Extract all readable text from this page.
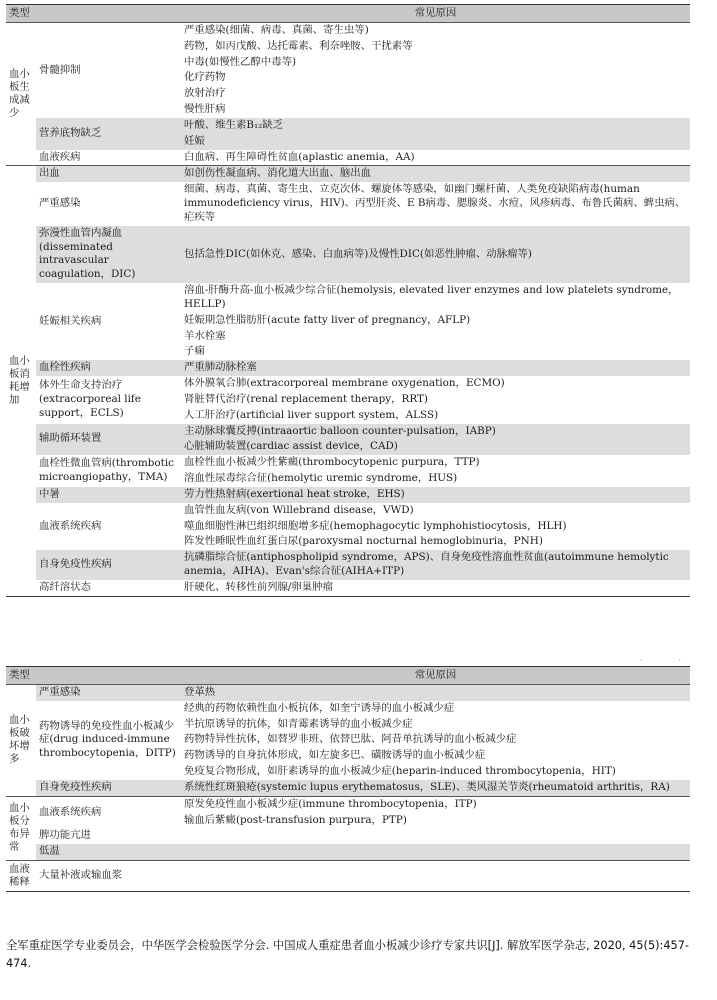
类型		常见原因
血小板生成减少	骨髓抑制	严重感染(细菌、病毒、真菌、寄生虫等)
		药物，如丙戊酸、达托霉素、利奈唑胺、干扰素等
		中毒(如慢性乙醇中毒等)
		化疗药物
		放射治疗
		慢性肝病
	营养底物缺乏	叶酸、维生素B₁₂缺乏
		妊娠
	血液疾病	白血病、再生障碍性贫血(aplastic anemia，AA)
血小板消耗增加	出血	如创伤性凝血病、消化道大出血、脑出血
	严重感染	细菌、病毒、真菌、寄生虫、立克次体、螺旋体等感染，如幽门螺杆菌、人类免疫缺陷病毒(human immunodeficiency virus，HIV)、丙型肝炎、E B病毒、腮腺炎、水痘、风疹病毒、布鲁氏菌病、蜱虫病、疟疾等
	弥漫性血管内凝血(disseminated intravascular coagulation，DIC)	包括急性DIC(如休克、感染、白血病等)及慢性DIC(如恶性肿瘤、动脉瘤等)
	妊娠相关疾病	溶血-肝酶升高-血小板减少综合征(hemolysis, elevated liver enzymes and low platelets syndrome，HELLP)
		妊娠期急性脂肪肝(acute fatty liver of pregnancy，AFLP)
		羊水栓塞
		子痫
	血栓性疾病	严重肺动脉栓塞
	体外生命支持治疗(extracorporeal life support，ECLS)	体外膜氧合肺(extracorporeal membrane oxygenation，ECMO)
		肾脏替代治疗(renal replacement therapy，RRT)
		人工肝治疗(artificial liver support system，ALSS)
	辅助循环装置	主动脉球囊反搏(intraaortic balloon counter-pulsation，IABP)
		心脏辅助装置(cardiac assist device，CAD)
	血栓性微血管病(thrombotic microangiopathy，TMA)	血栓性血小板减少性紫癜(thrombocytopenic purpura，TTP)
		溶血性尿毒综合征(hemolytic uremic syndrome，HUS)
	中暑	劳力性热射病(exertional heat stroke，EHS)
	血液系统疾病	血管性血友病(von Willebrand disease，VWD)
		噬血细胞性淋巴组织细胞增多症(hemophagocytic lymphohistiocytosis，HLH)
		阵发性睡眠性血红蛋白尿(paroxysmal nocturnal hemoglobinuria，PNH)
	自身免疫性疾病	抗磷脂综合征(antiphospholipid syndrome，APS)、自身免疫性溶血性贫血(autoimmune hemolytic anemia，AIHA)、Evan's综合征(AIHA+ITP)
	高纤溶状态	肝硬化、转移性前列腺/卵巢肿瘤
··
类型		常见原因
血小板破坏增多	严重感染	登革热
	药物诱导的免疫性血小板减少症(drug induced-immune thrombocytopenia，DITP)	经典的药物依赖性血小板抗体，如奎宁诱导的血小板减少症
		半抗原诱导的抗体，如青霉素诱导的血小板减少症
		药物特异性抗体，如替罗非班、依替巴肽、阿昔单抗诱导的血小板减少症
		药物诱导的自身抗体形成，如左旋多巴、磺胺诱导的血小板减少症
		免疫复合物形成，如肝素诱导的血小板减少症(heparin-induced thrombocytopenia，HIT)
	自身免疫性疾病	系统性红斑狼疮(systemic lupus erythematosus，SLE)、类风湿关节炎(rheumatoid arthritis，RA)
血小板分布异常	血液系统疾病	原发免疫性血小板减少症(immune thrombocytopenia，ITP)
		输血后紫癜(post-transfusion purpura，PTP)
	脾功能亢进	
	低温	
血液稀释	大量补液或输血浆	
全军重症医学专业委员会，中华医学会检验医学分会. 中国成人重症患者血小板减少诊疗专家共识[J]. 解放军医学杂志, 2020, 45(5):457-474.
